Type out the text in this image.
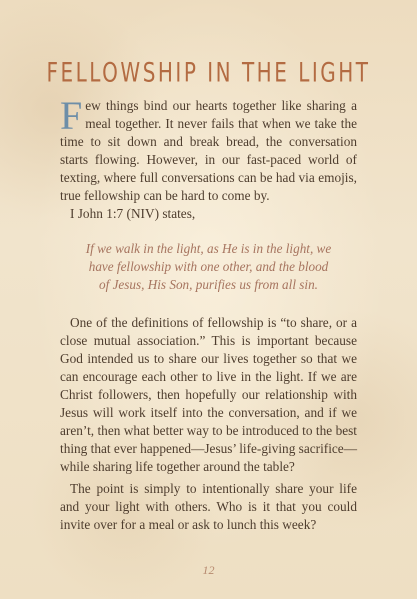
FELLOWSHIP IN THE LIGHT

Few things bind our hearts together like sharing a meal together. It never fails that when we take the time to sit down and break bread, the conversation starts flowing. However, in our fast-paced world of texting, where full conversations can be had via emojis, true fellowship can be hard to come by.

I John 1:7 (NIV) states,

If we walk in the light, as He is in the light, we
have fellowship with one other, and the blood
of Jesus, His Son, purifies us from all sin.

One of the definitions of fellowship is “to share, or a close mutual association.” This is important because God intended us to share our lives together so that we can encourage each other to live in the light. If we are Christ followers, then hopefully our relationship with Jesus will work itself into the conversation, and if we aren’t, then what better way to be introduced to the best thing that ever happened—Jesus’ life-giving sacrifice—while sharing life together around the table?

The point is simply to intentionally share your life and your light with others. Who is it that you could invite over for a meal or ask to lunch this week?

12
